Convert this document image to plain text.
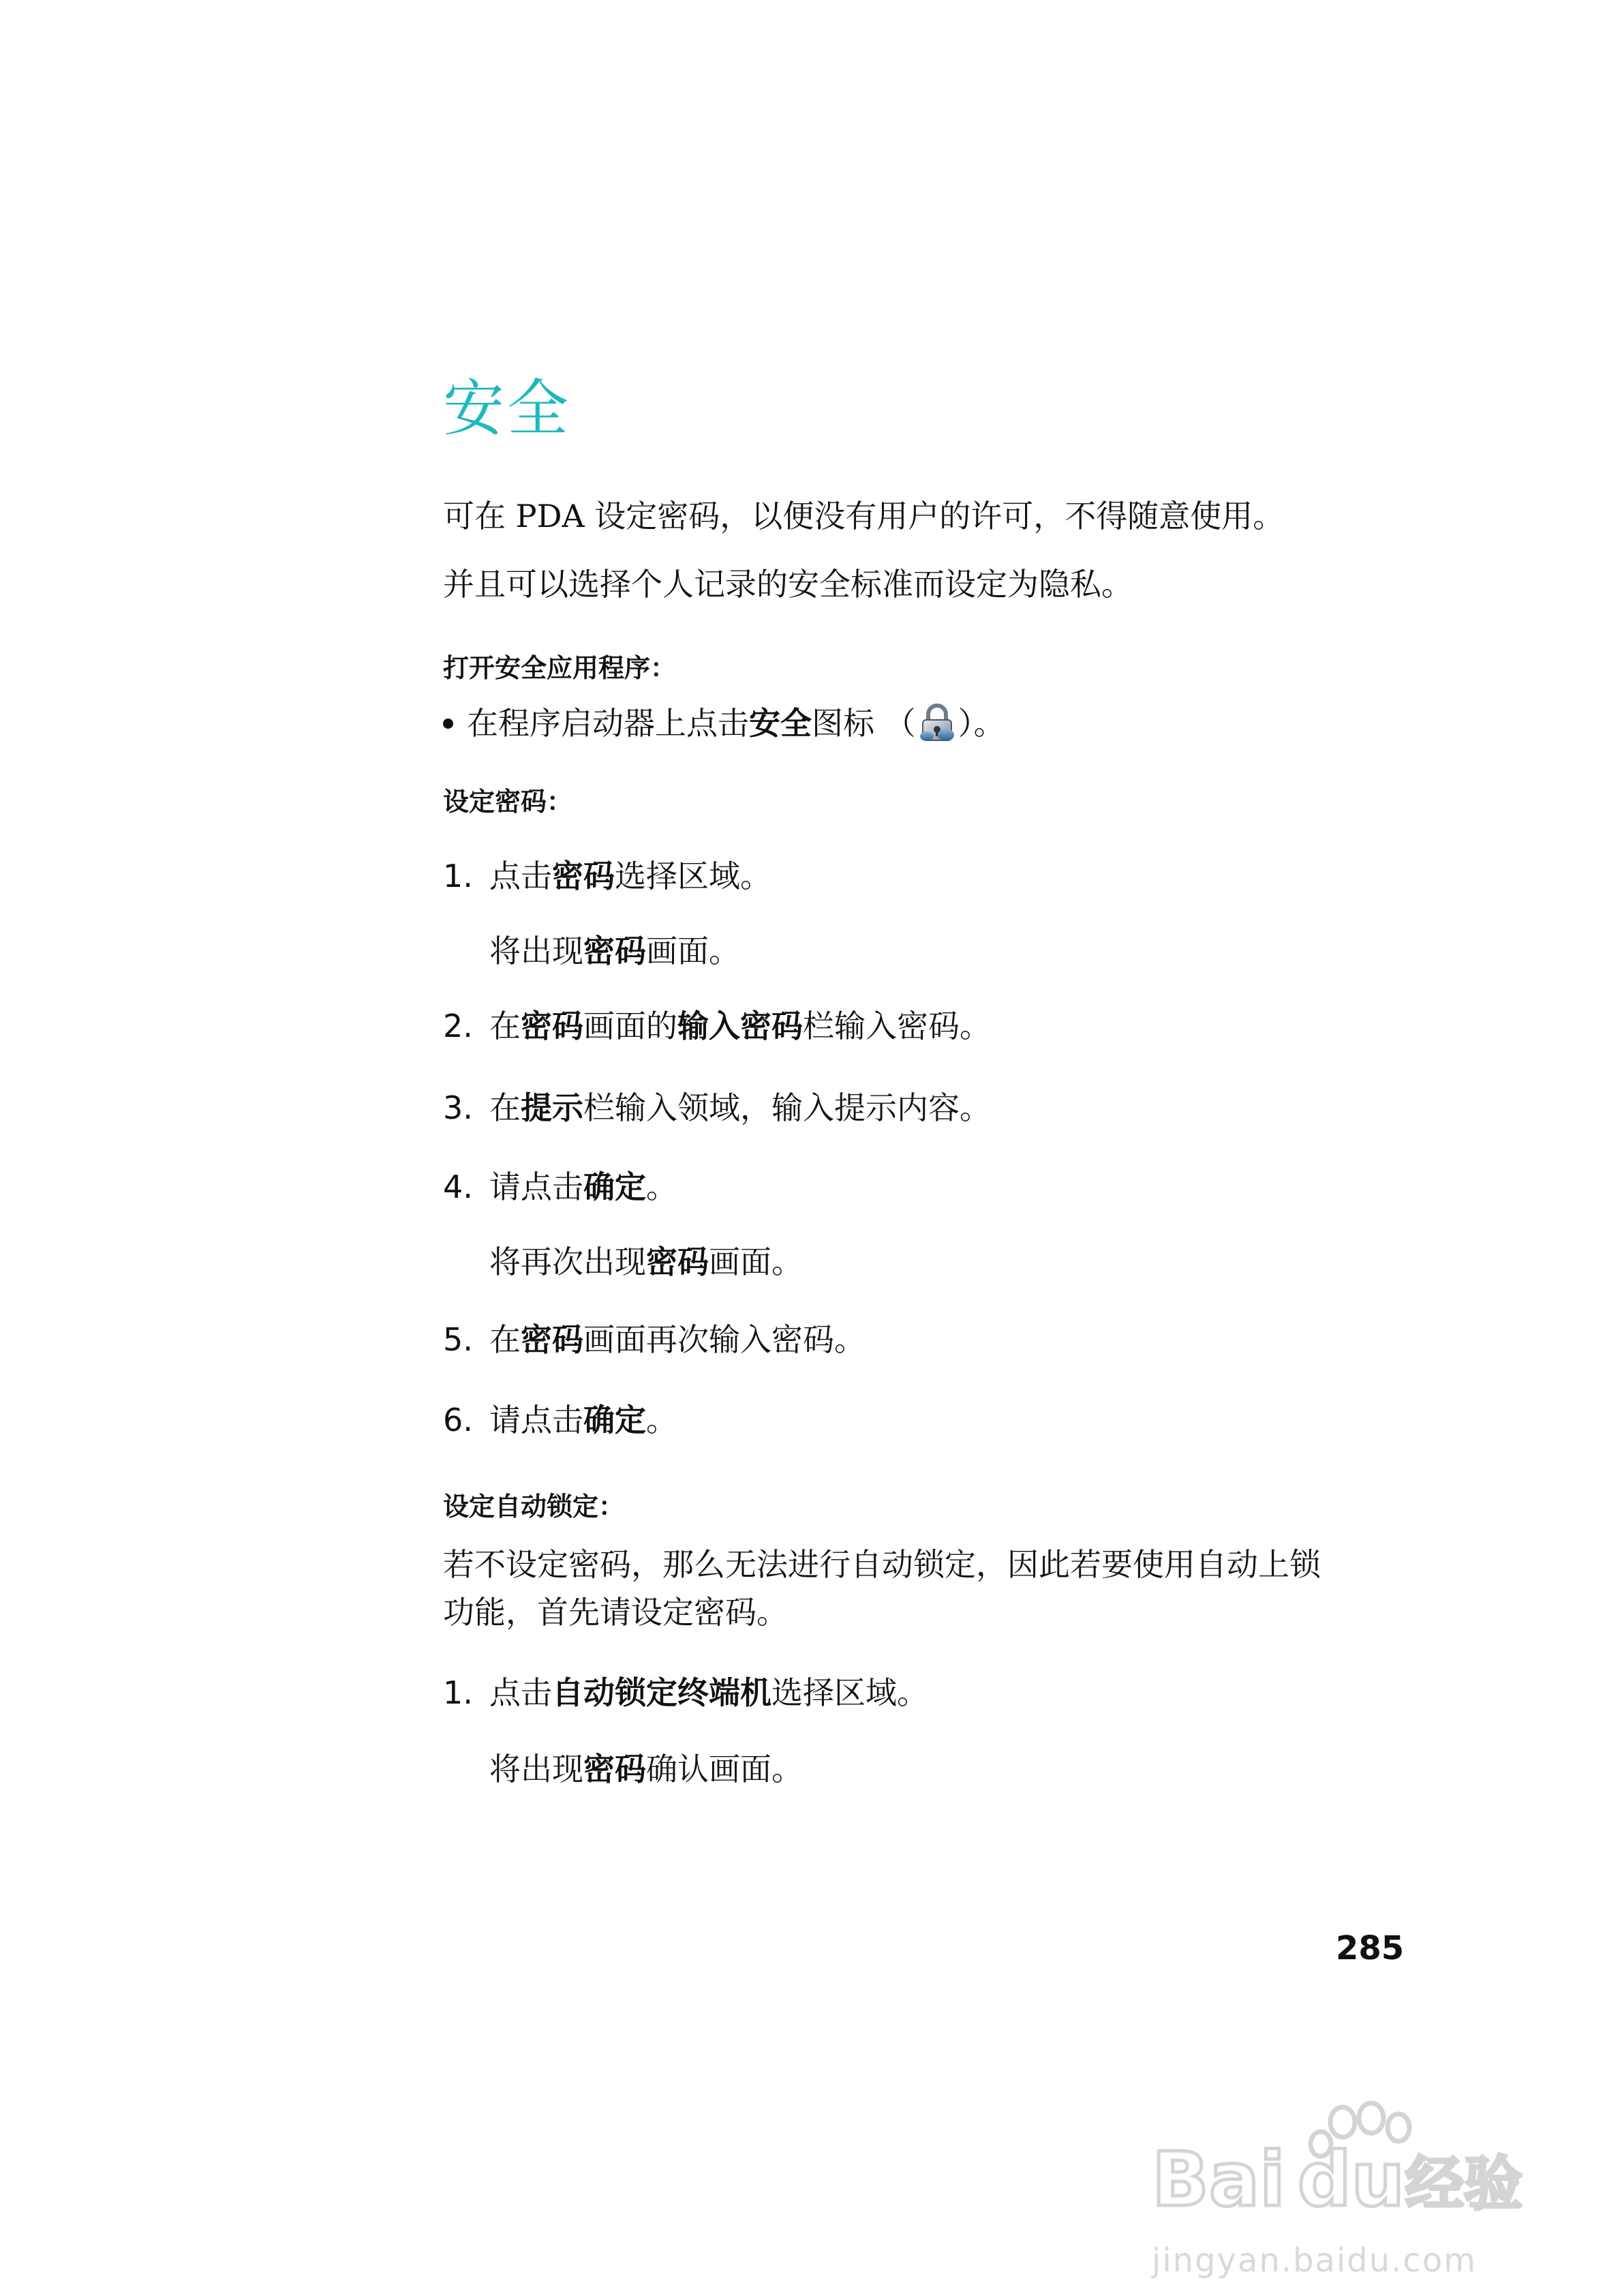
安全
可在 PDA 设定密码，以便没有用户的许可，不得随意使用。
并且可以选择个人记录的安全标准而设定为隐私。
打开安全应用程序：
在程序启动器上点击安全图标 （ ）。
设定密码：
1. 点击密码选择区域。
将出现密码画面。
2. 在密码画面的输入密码栏输入密码。
3. 在提示栏输入领域，输入提示内容。
4. 请点击确定。
将再次出现密码画面。
5. 在密码画面再次输入密码。
6. 请点击确定。
设定自动锁定：
若不设定密码，那么无法进行自动锁定，因此若要使用自动上锁
功能，首先请设定密码。
1. 点击自动锁定终端机选择区域。
将出现密码确认画面。
285
Bai du 经验
jingyan.baidu.com
